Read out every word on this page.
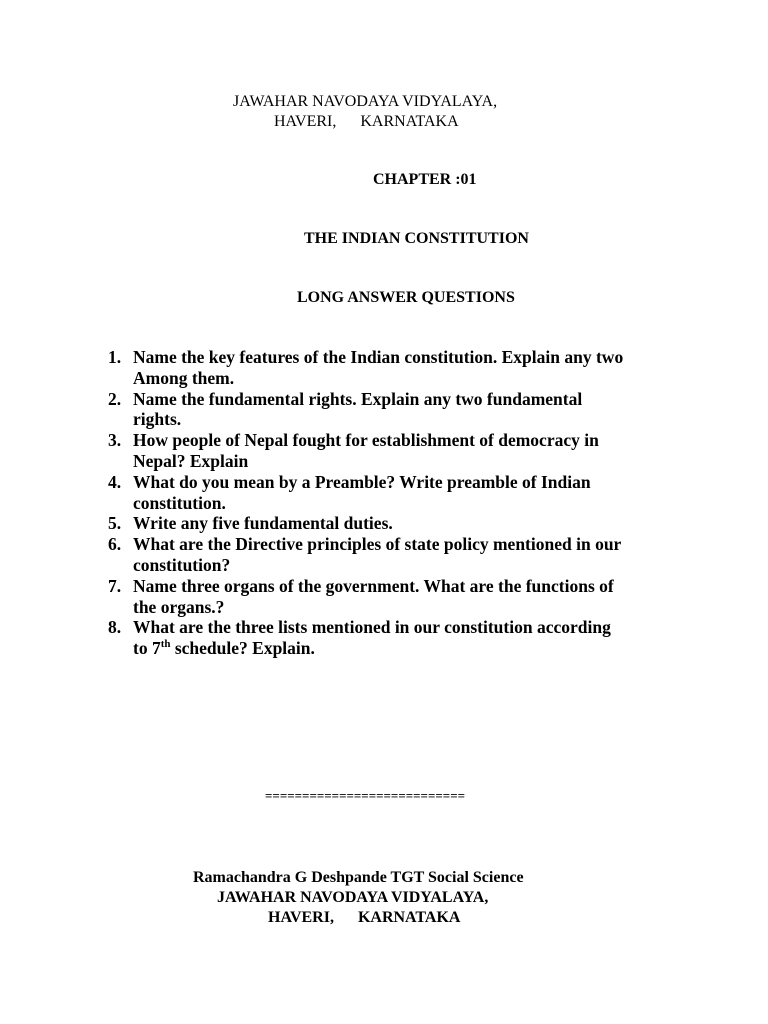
JAWAHAR NAVODAYA VIDYALAYA,
HAVERI,      KARNATAKA
CHAPTER :01
THE INDIAN CONSTITUTION
LONG ANSWER QUESTIONS
1. Name the key features of the Indian constitution. Explain any two
Among them.
2. Name the fundamental rights. Explain any two fundamental
rights.
3. How people of Nepal fought for establishment of democracy in
Nepal? Explain
4. What do you mean by a Preamble? Write preamble of Indian
constitution.
5. Write any five fundamental duties.
6. What are the Directive principles of state policy mentioned in our
constitution?
7. Name three organs of the government. What are the functions of
the organs.?
8. What are the three lists mentioned in our constitution according
to 7th schedule? Explain.
===========================
Ramachandra G Deshpande TGT Social Science
JAWAHAR NAVODAYA VIDYALAYA,
HAVERI,      KARNATAKA
